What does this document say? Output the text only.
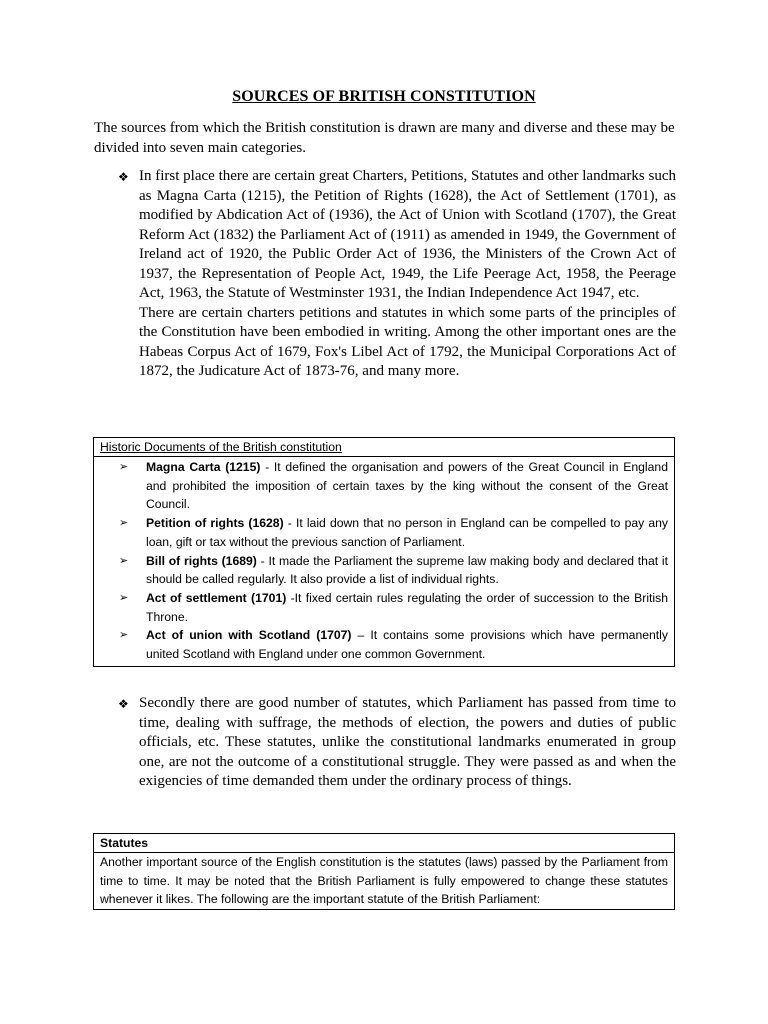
SOURCES OF BRITISH CONSTITUTION
The sources from which the British constitution is drawn are many and diverse and these may be divided into seven main categories.
❖ In first place there are certain great Charters, Petitions, Statutes and other landmarks such as Magna Carta (1215), the Petition of Rights (1628), the Act of Settlement (1701), as modified by Abdication Act of (1936), the Act of Union with Scotland (1707), the Great Reform Act (1832) the Parliament Act of (1911) as amended in 1949, the Government of Ireland act of 1920, the Public Order Act of 1936, the Ministers of the Crown Act of 1937, the Representation of People Act, 1949, the Life Peerage Act, 1958, the Peerage Act, 1963, the Statute of Westminster 1931, the Indian Independence Act 1947, etc.

There are certain charters petitions and statutes in which some parts of the principles of the Constitution have been embodied in writing. Among the other important ones are the Habeas Corpus Act of 1679, Fox's Libel Act of 1792, the Municipal Corporations Act of 1872, the Judicature Act of 1873-76, and many more.

Historic Documents of the British constitution
➢ Magna Carta (1215) - It defined the organisation and powers of the Great Council in England and prohibited the imposition of certain taxes by the king without the consent of the Great Council.
➢ Petition of rights (1628) - It laid down that no person in England can be compelled to pay any loan, gift or tax without the previous sanction of Parliament.
➢ Bill of rights (1689) - It made the Parliament the supreme law making body and declared that it should be called regularly. It also provide a list of individual rights.
➢ Act of settlement (1701) -It fixed certain rules regulating the order of succession to the British Throne.
➢ Act of union with Scotland (1707) – It contains some provisions which have permanently united Scotland with England under one common Government.
❖ Secondly there are good number of statutes, which Parliament has passed from time to time, dealing with suffrage, the methods of election, the powers and duties of public officials, etc. These statutes, unlike the constitutional landmarks enumerated in group one, are not the outcome of a constitutional struggle. They were passed as and when the exigencies of time demanded them under the ordinary process of things.

Statutes
Another important source of the English constitution is the statutes (laws) passed by the Parliament from time to time. It may be noted that the British Parliament is fully empowered to change these statutes whenever it likes. The following are the important statute of the British Parliament:
